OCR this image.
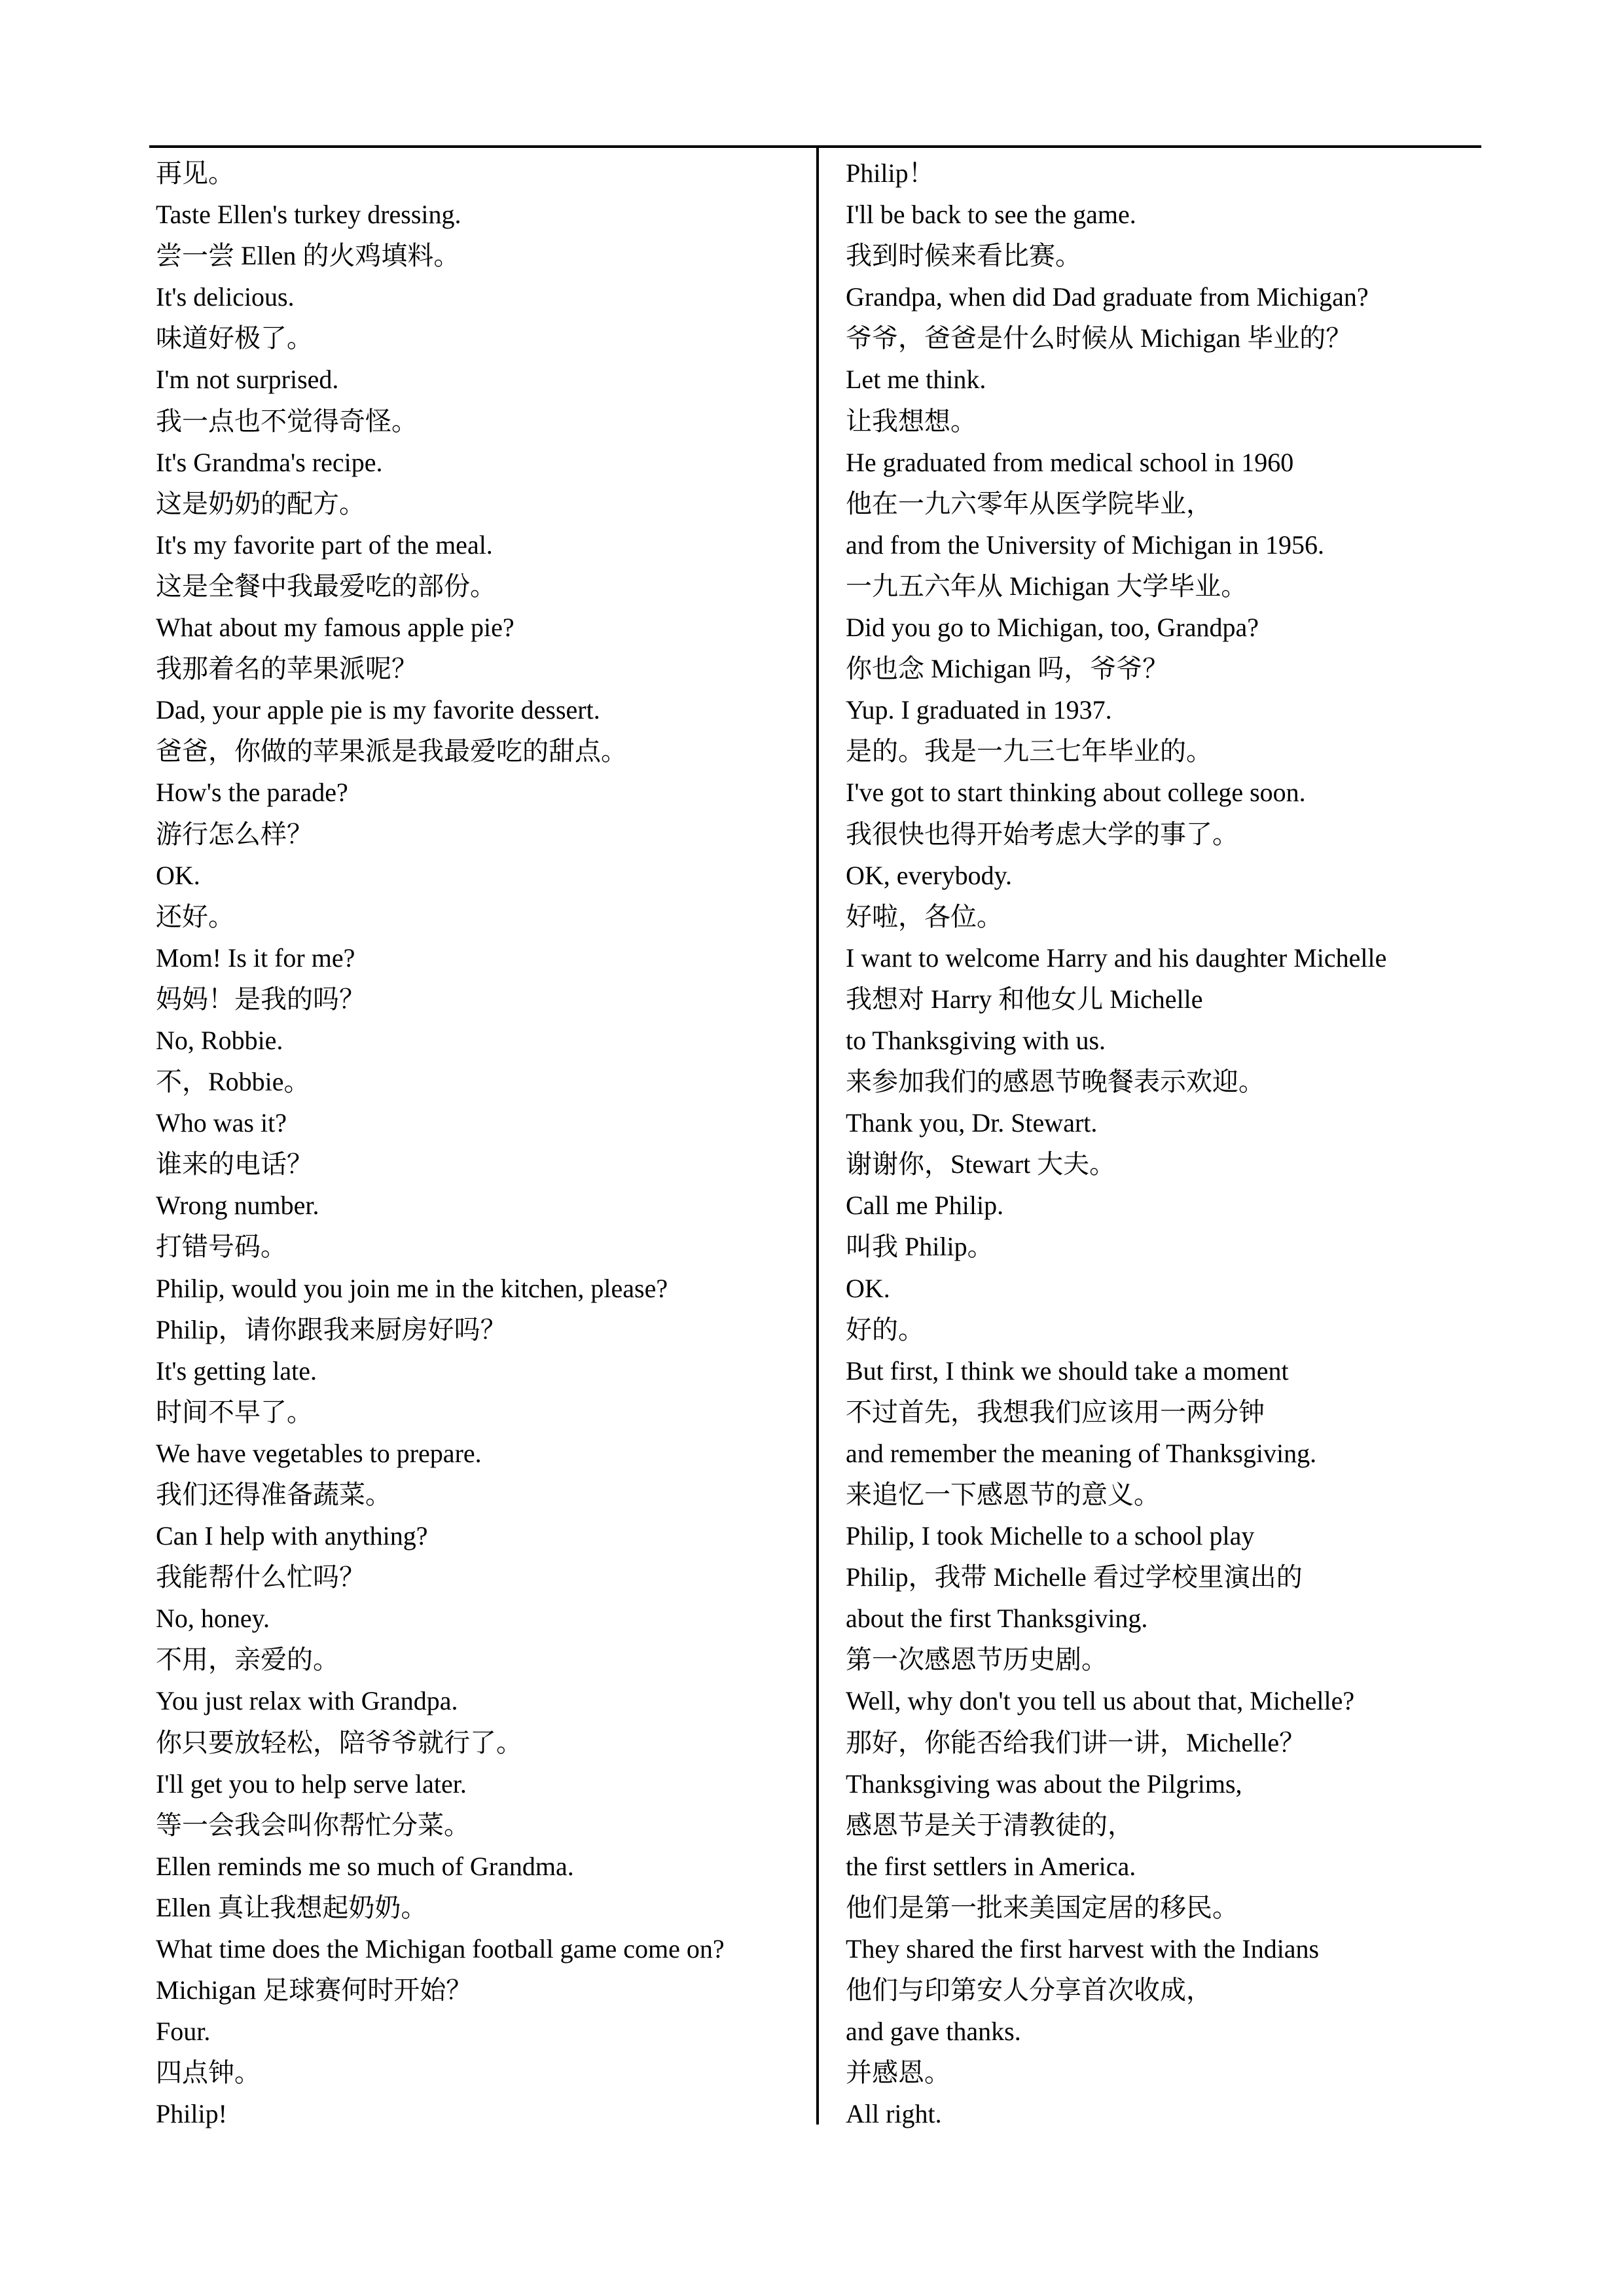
再见。
Taste Ellen's turkey dressing.
尝一尝 Ellen 的火鸡填料。
It's delicious.
味道好极了。
I'm not surprised.
我一点也不觉得奇怪。
It's Grandma's recipe.
这是奶奶的配方。
It's my favorite part of the meal.
这是全餐中我最爱吃的部份。
What about my famous apple pie?
我那着名的苹果派呢？
Dad, your apple pie is my favorite dessert.
爸爸，你做的苹果派是我最爱吃的甜点。
How's the parade?
游行怎么样？
OK.
还好。
Mom! Is it for me?
妈妈！是我的吗？
No, Robbie.
不，Robbie。
Who was it?
谁来的电话？
Wrong number.
打错号码。
Philip, would you join me in the kitchen, please?
Philip，请你跟我来厨房好吗？
It's getting late.
时间不早了。
We have vegetables to prepare.
我们还得准备蔬菜。
Can I help with anything?
我能帮什么忙吗？
No, honey.
不用，亲爱的。
You just relax with Grandpa.
你只要放轻松，陪爷爷就行了。
I'll get you to help serve later.
等一会我会叫你帮忙分菜。
Ellen reminds me so much of Grandma.
Ellen 真让我想起奶奶。
What time does the Michigan football game come on?
Michigan 足球赛何时开始？
Four.
四点钟。
Philip!
Philip！
I'll be back to see the game.
我到时候来看比赛。
Grandpa, when did Dad graduate from Michigan?
爷爷，爸爸是什么时候从 Michigan 毕业的？
Let me think.
让我想想。
He graduated from medical school in 1960
他在一九六零年从医学院毕业，
and from the University of Michigan in 1956.
一九五六年从 Michigan 大学毕业。
Did you go to Michigan, too, Grandpa?
你也念 Michigan 吗，爷爷？
Yup. I graduated in 1937.
是的。我是一九三七年毕业的。
I've got to start thinking about college soon.
我很快也得开始考虑大学的事了。
OK, everybody.
好啦，各位。
I want to welcome Harry and his daughter Michelle
我想对 Harry 和他女儿 Michelle
to Thanksgiving with us.
来参加我们的感恩节晚餐表示欢迎。
Thank you, Dr. Stewart.
谢谢你，Stewart 大夫。
Call me Philip.
叫我 Philip。
OK.
好的。
But first, I think we should take a moment
不过首先，我想我们应该用一两分钟
and remember the meaning of Thanksgiving.
来追忆一下感恩节的意义。
Philip, I took Michelle to a school play
Philip，我带 Michelle 看过学校里演出的
about the first Thanksgiving.
第一次感恩节历史剧。
Well, why don't you tell us about that, Michelle?
那好，你能否给我们讲一讲，Michelle？
Thanksgiving was about the Pilgrims,
感恩节是关于清教徒的，
the first settlers in America.
他们是第一批来美国定居的移民。
They shared the first harvest with the Indians
他们与印第安人分享首次收成，
and gave thanks.
并感恩。
All right.
